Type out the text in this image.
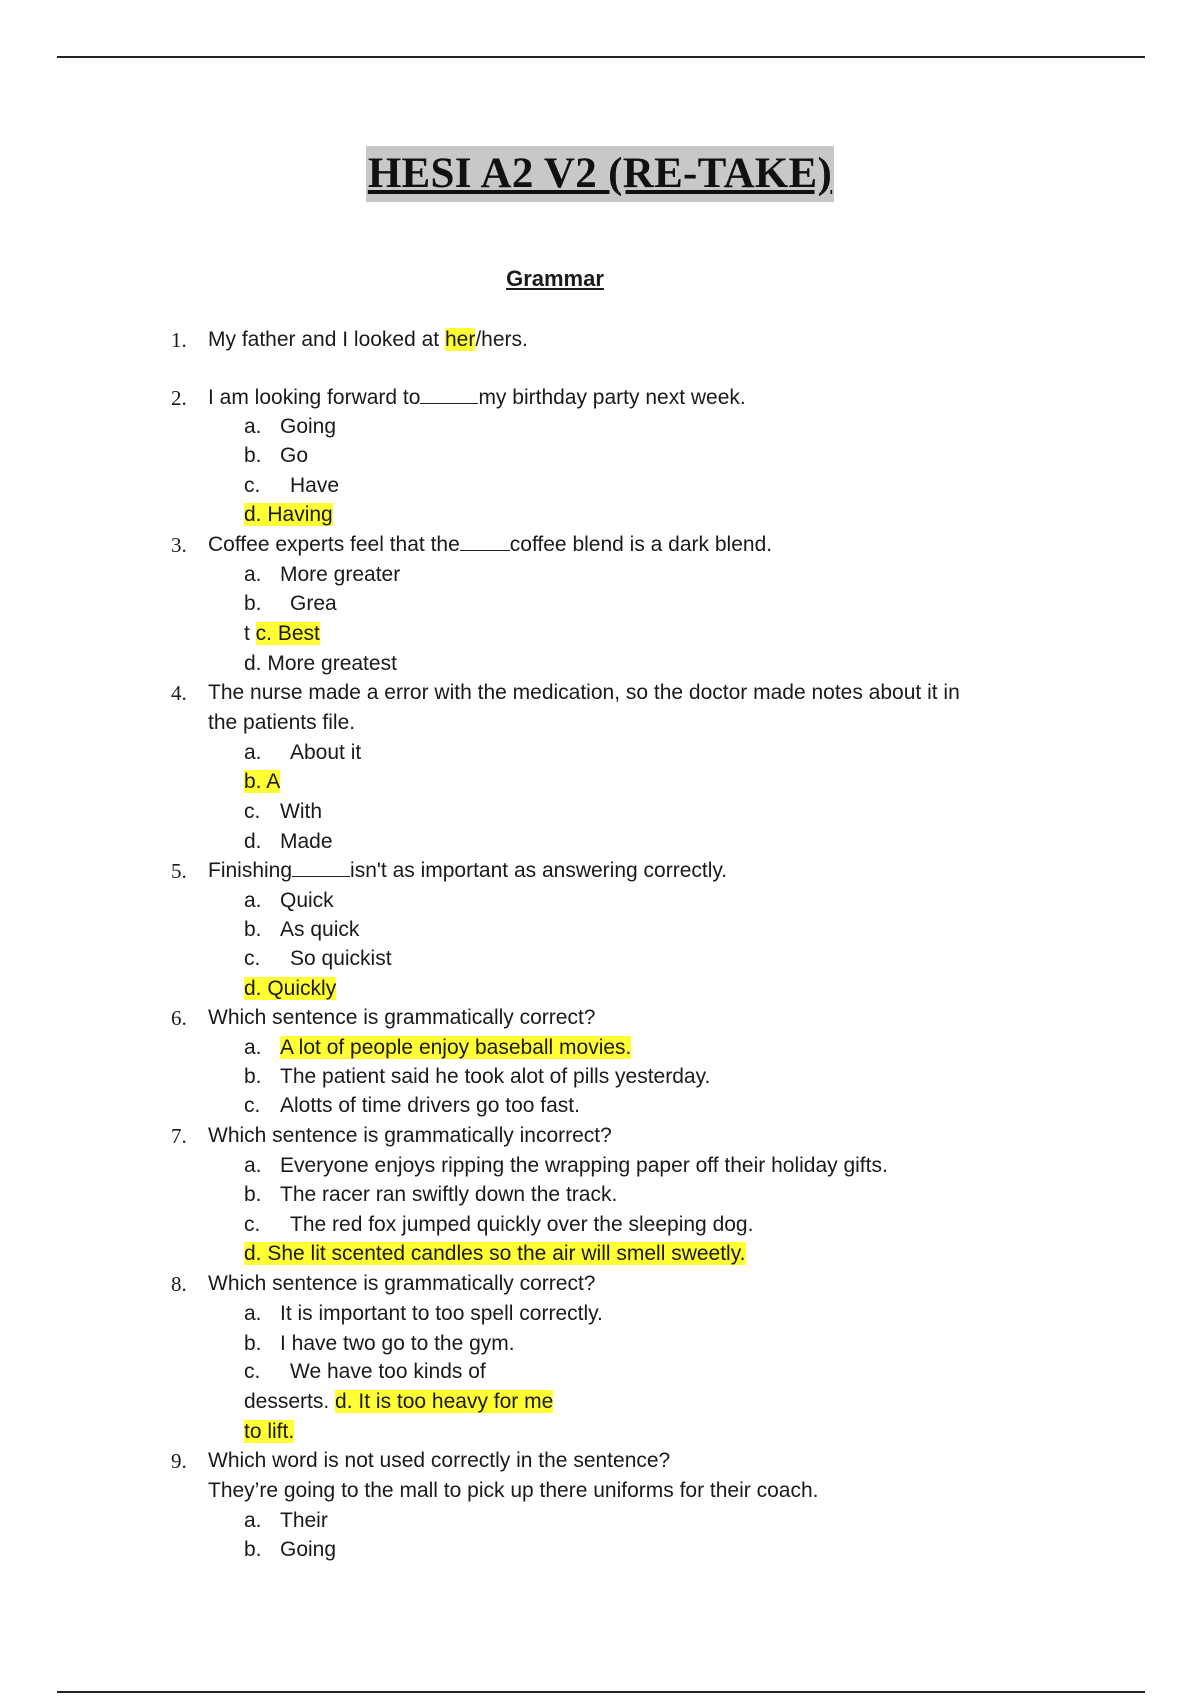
HESI A2 V2 (RE-TAKE)
Grammar
1. My father and I looked at her/hers.
2. I am looking forward to	my birthday party next week.
a. Going
b. Go
c. Have
d. Having
3. Coffee experts feel that the coffee blend is a dark blend.
a. More greater
b. Grea
t c. Best
d. More greatest
4. The nurse made a error with the medication, so the doctor made notes about it in
the patients file.
a. About it
b. A
c. With
d. Made
5. Finishing	isn't as important as answering correctly.
a. Quick
b. As quick
c. So quickist
d. Quickly
6. Which sentence is grammatically correct?
a. A lot of people enjoy baseball movies.
b. The patient said he took alot of pills yesterday.
c. Alotts of time drivers go too fast.
7. Which sentence is grammatically incorrect?
a. Everyone enjoys ripping the wrapping paper off their holiday gifts.
b. The racer ran swiftly down the track.
c. The red fox jumped quickly over the sleeping dog.
d. She lit scented candles so the air will smell sweetly.
8. Which sentence is grammatically correct?
a. It is important to too spell correctly.
b. I have two go to the gym.
c. We have too kinds of
desserts. d. It is too heavy for me
to lift.
9. Which word is not used correctly in the sentence?
They’re going to the mall to pick up there uniforms for their coach.
a. Their
b. Going
